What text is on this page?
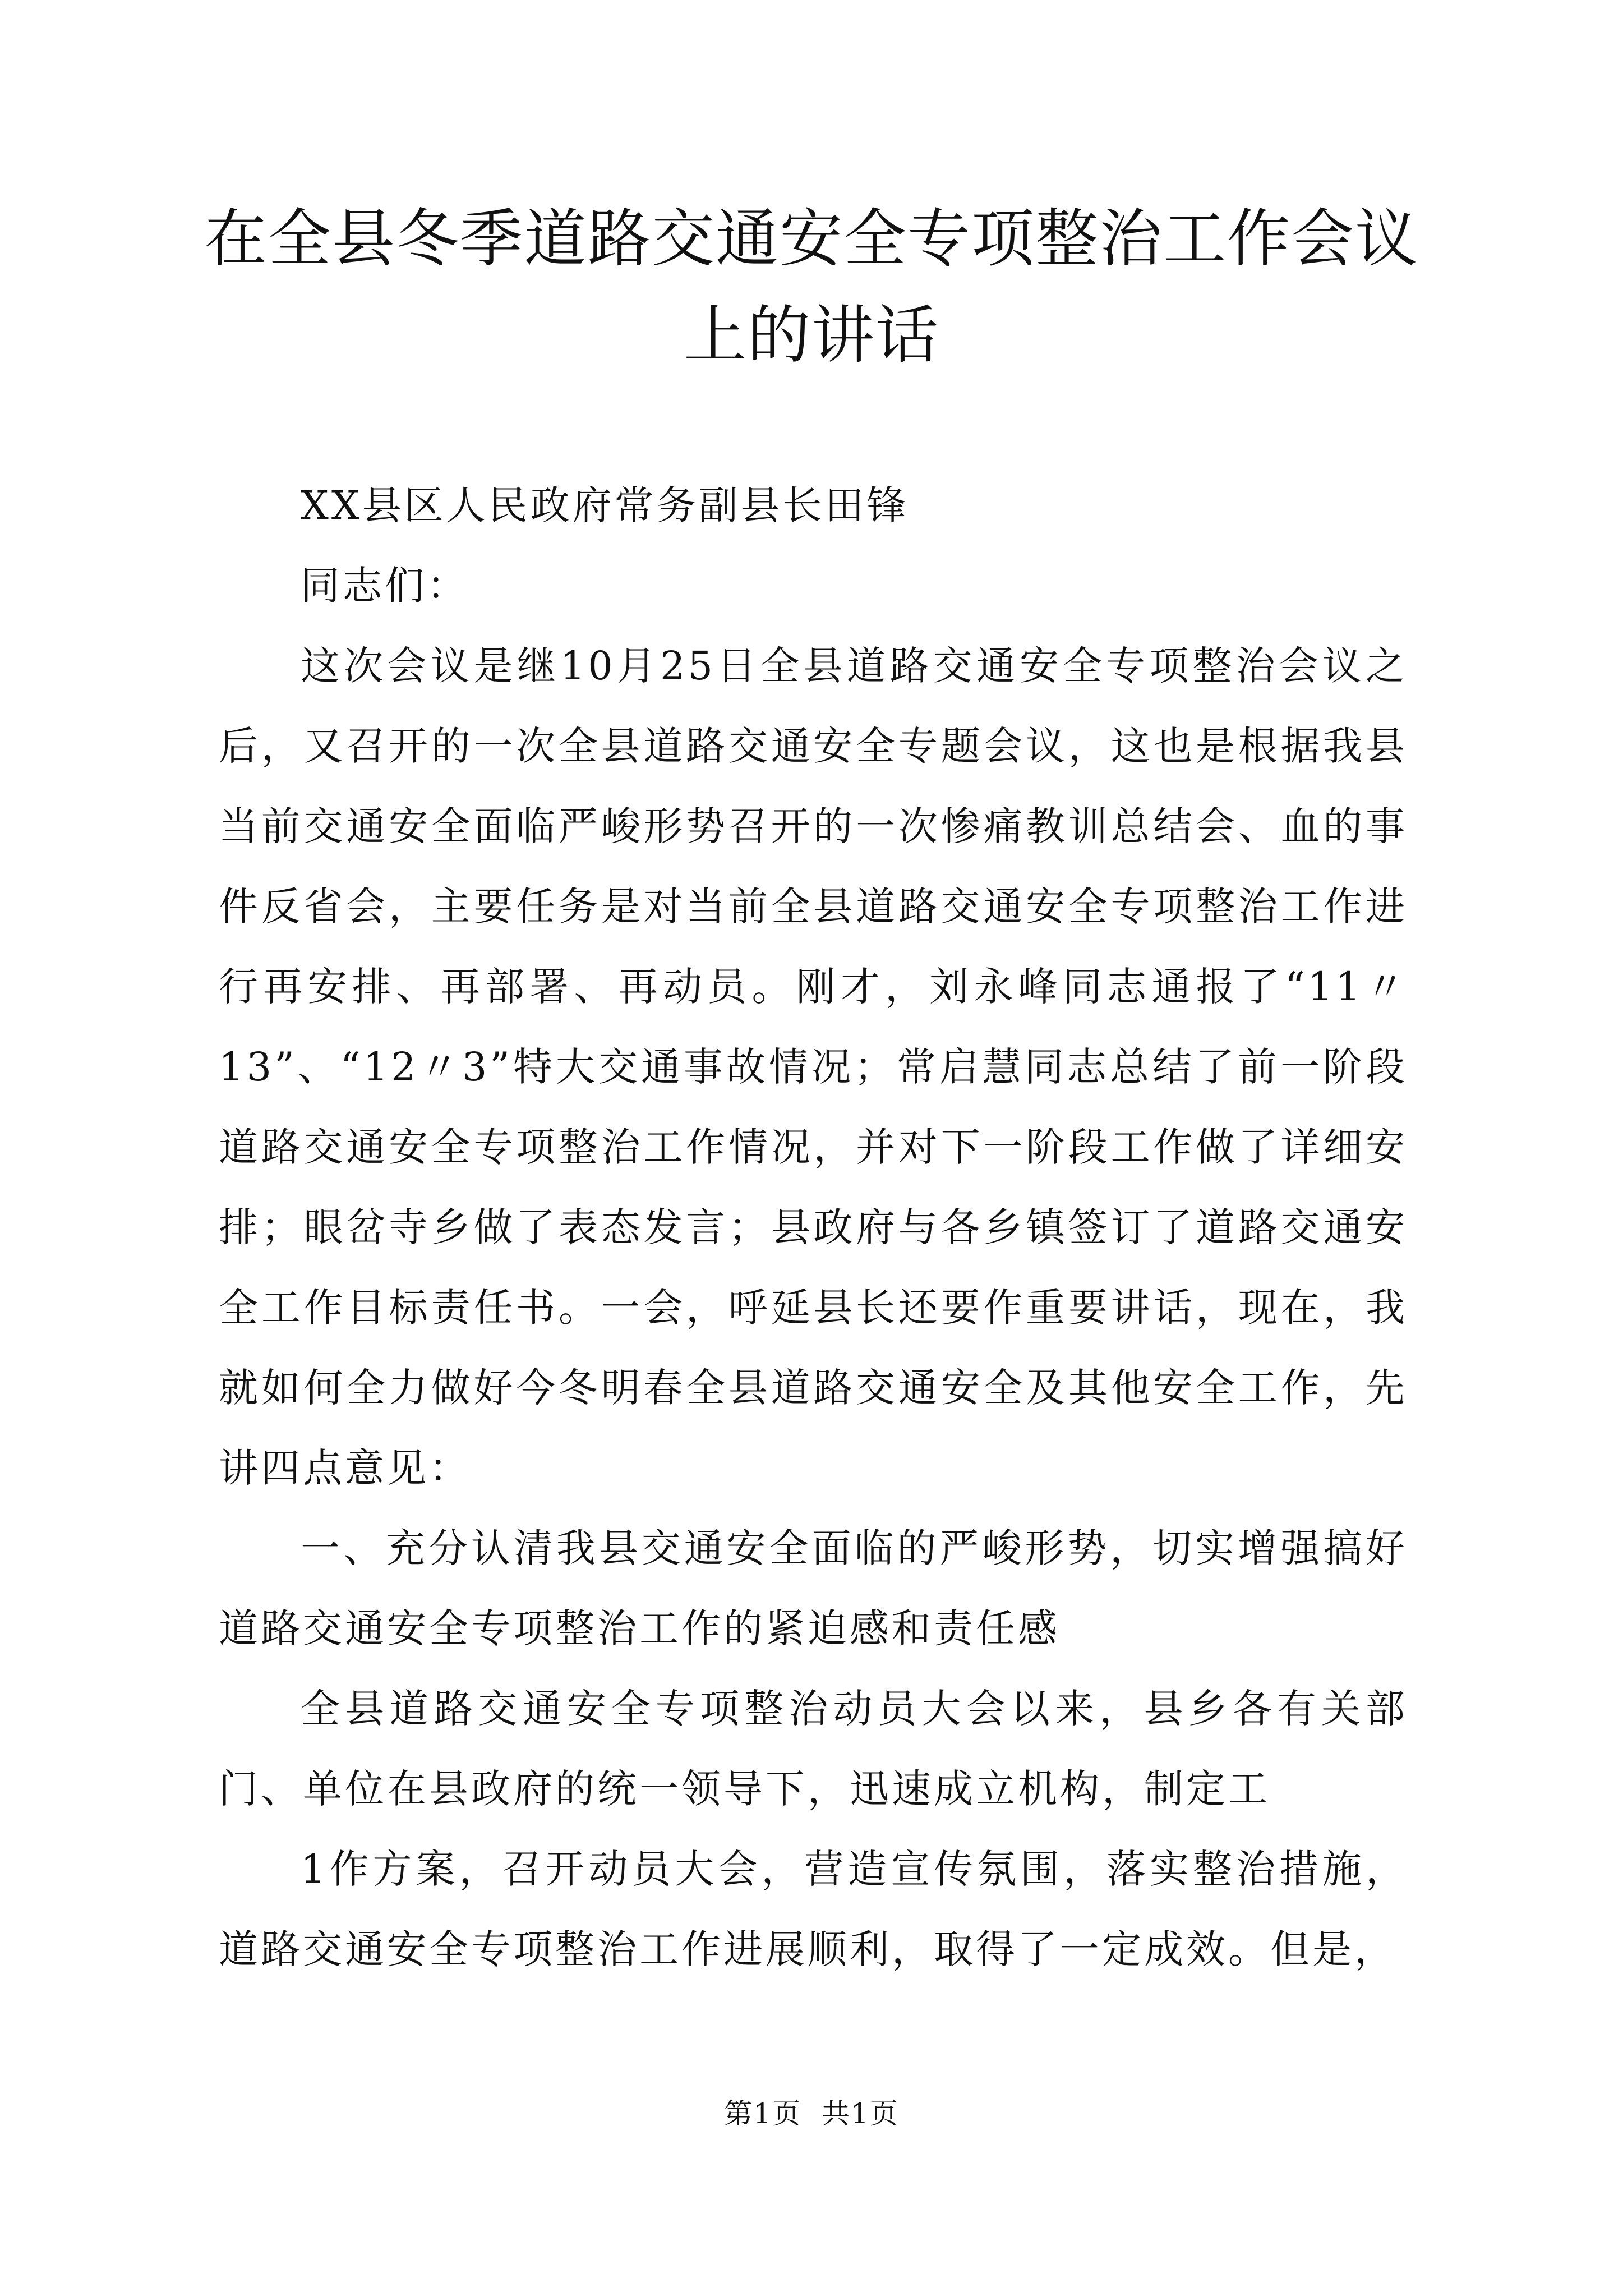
在全县冬季道路交通安全专项整治工作会议上的讲话

XX县区人民政府常务副县长田锋

同志们：

这次会议是继10月25日全县道路交通安全专项整治会议之后，又召开的一次全县道路交通安全专题会议，这也是根据我县当前交通安全面临严峻形势召开的一次惨痛教训总结会、血的事件反省会，主要任务是对当前全县道路交通安全专项整治工作进行再安排、再部署、再动员。刚才，刘永峰同志通报了“11〃13”、“12〃3”特大交通事故情况；常启慧同志总结了前一阶段道路交通安全专项整治工作情况，并对下一阶段工作做了详细安排；眼岔寺乡做了表态发言；县政府与各乡镇签订了道路交通安全工作目标责任书。一会，呼延县长还要作重要讲话，现在，我就如何全力做好今冬明春全县道路交通安全及其他安全工作，先讲四点意见：

一、充分认清我县交通安全面临的严峻形势，切实增强搞好道路交通安全专项整治工作的紧迫感和责任感

全县道路交通安全专项整治动员大会以来，县乡各有关部门、单位在县政府的统一领导下，迅速成立机构，制定工

1作方案，召开动员大会，营造宣传氛围，落实整治措施，道路交通安全专项整治工作进展顺利，取得了一定成效。但是，

第1页  共1页
